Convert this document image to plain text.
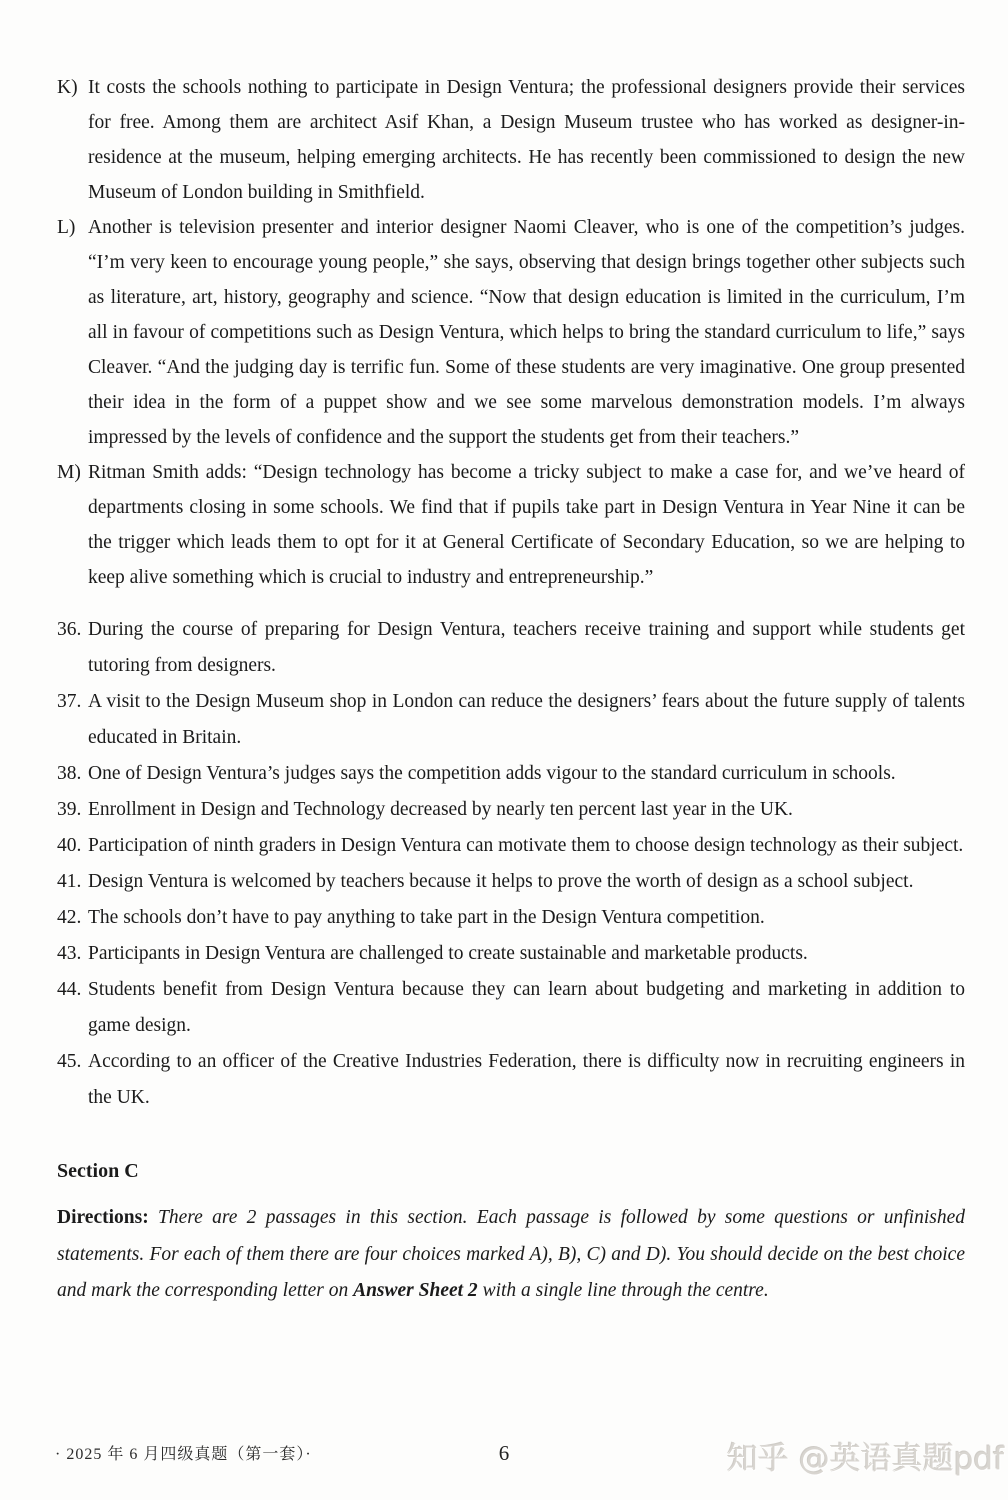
K) It costs the schools nothing to participate in Design Ventura; the professional designers provide their services for free. Among them are architect Asif Khan, a Design Museum trustee who has worked as designer-in-residence at the museum, helping emerging architects. He has recently been commissioned to design the new Museum of London building in Smithfield.

L) Another is television presenter and interior designer Naomi Cleaver, who is one of the competition’s judges. “I’m very keen to encourage young people,” she says, observing that design brings together other subjects such as literature, art, history, geography and science. “Now that design education is limited in the curriculum, I’m all in favour of competitions such as Design Ventura, which helps to bring the standard curriculum to life,” says Cleaver. “And the judging day is terrific fun. Some of these students are very imaginative. One group presented their idea in the form of a puppet show and we see some marvelous demonstration models. I’m always impressed by the levels of confidence and the support the students get from their teachers.”

M) Ritman Smith adds: “Design technology has become a tricky subject to make a case for, and we’ve heard of departments closing in some schools. We find that if pupils take part in Design Ventura in Year Nine it can be the trigger which leads them to opt for it at General Certificate of Secondary Education, so we are helping to keep alive something which is crucial to industry and entrepreneurship.”

36. During the course of preparing for Design Ventura, teachers receive training and support while students get tutoring from designers.

37. A visit to the Design Museum shop in London can reduce the designers’ fears about the future supply of talents educated in Britain.

38. One of Design Ventura’s judges says the competition adds vigour to the standard curriculum in schools.

39. Enrollment in Design and Technology decreased by nearly ten percent last year in the UK.

40. Participation of ninth graders in Design Ventura can motivate them to choose design technology as their subject.

41. Design Ventura is welcomed by teachers because it helps to prove the worth of design as a school subject.

42. The schools don’t have to pay anything to take part in the Design Ventura competition.

43. Participants in Design Ventura are challenged to create sustainable and marketable products.

44. Students benefit from Design Ventura because they can learn about budgeting and marketing in addition to game design.

45. According to an officer of the Creative Industries Federation, there is difficulty now in recruiting engineers in the UK.

Section C

Directions: There are 2 passages in this section. Each passage is followed by some questions or unfinished statements. For each of them there are four choices marked A), B), C) and D). You should decide on the best choice and mark the corresponding letter on Answer Sheet 2 with a single line through the centre.

· 2025 年 6 月四级真题（第一套）·	6	知乎 @英语真题pdf
